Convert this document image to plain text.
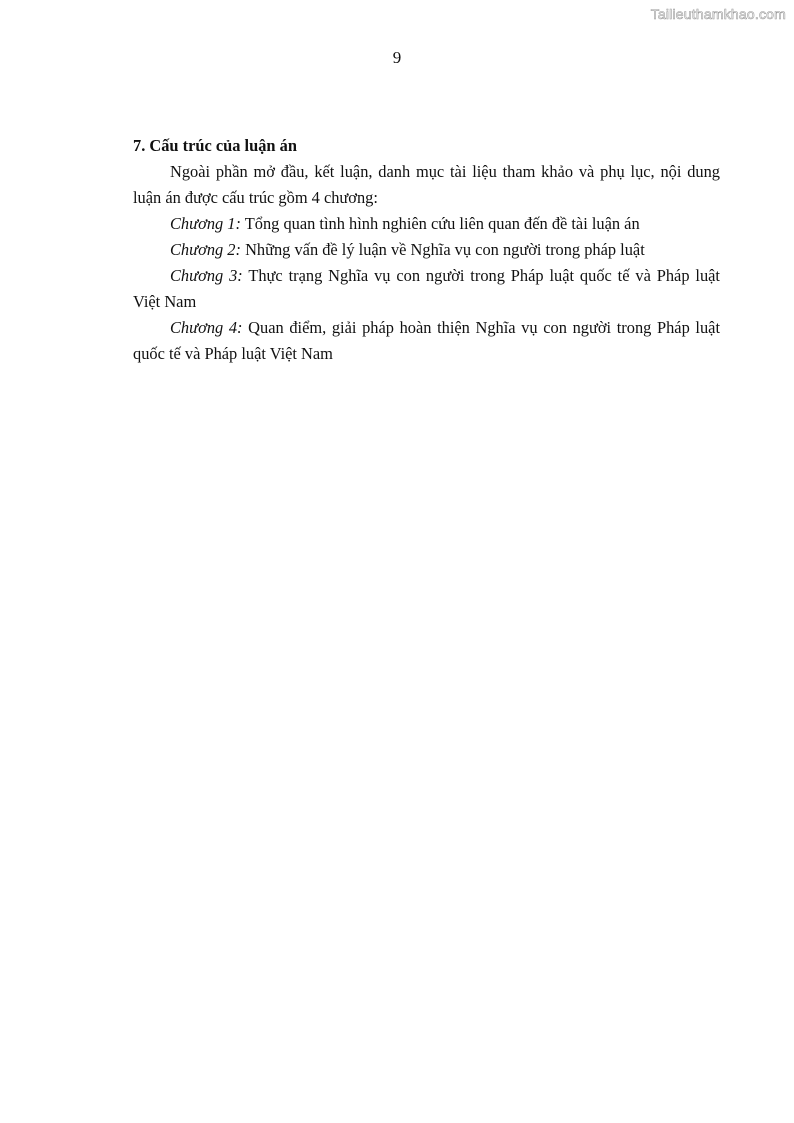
Tailieuthamkhao.com
9

7. Cấu trúc của luận án

Ngoài phần mở đầu, kết luận, danh mục tài liệu tham khảo và phụ lục, nội dung luận án được cấu trúc gồm 4 chương:

Chương 1: Tổng quan tình hình nghiên cứu liên quan đến đề tài luận án

Chương 2: Những vấn đề lý luận về Nghĩa vụ con người trong pháp luật

Chương 3: Thực trạng Nghĩa vụ con người trong Pháp luật quốc tế và Pháp luật Việt Nam

Chương 4: Quan điểm, giải pháp hoàn thiện Nghĩa vụ con người trong Pháp luật quốc tế và Pháp luật Việt Nam
